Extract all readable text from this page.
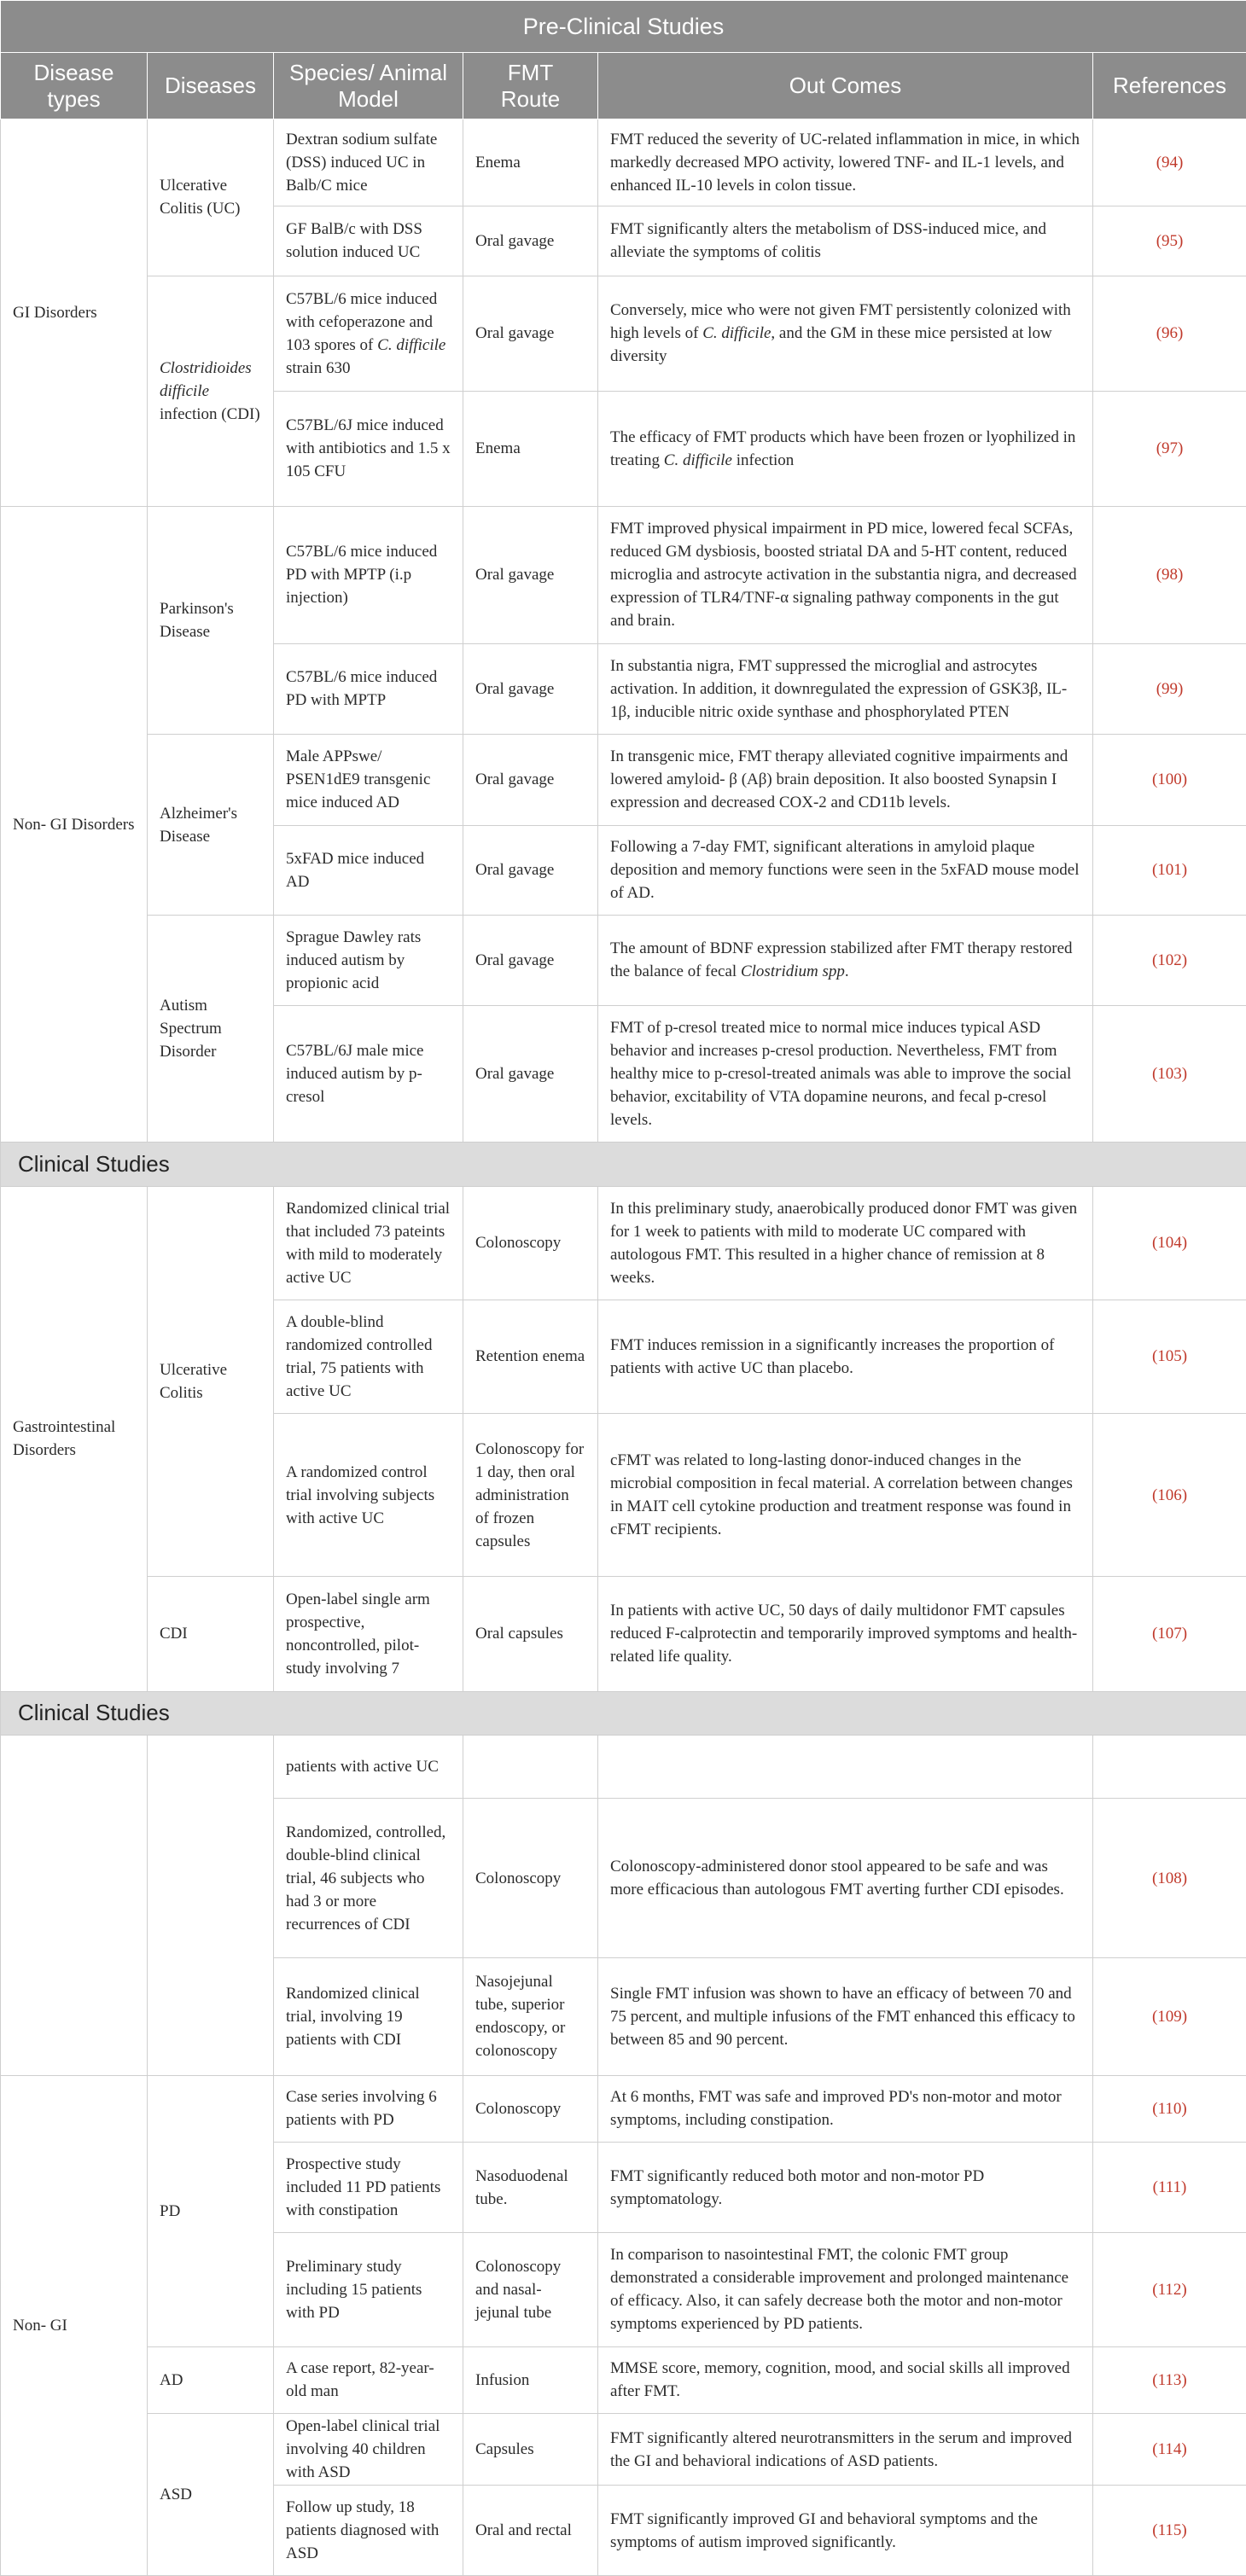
Pre-Clinical Studies					
Disease types	Diseases	Species/ Animal Model	FMT Route	Out Comes	References
GI Disorders	Ulcerative Colitis (UC)	Dextran sodium sulfate (DSS) induced UC in Balb/C mice	Enema	FMT reduced the severity of UC-related inflammation in mice, in which markedly decreased MPO activity, lowered TNF- and IL-1 levels, and enhanced IL-10 levels in colon tissue.	(94)
		GF BalB/c with DSS solution induced UC	Oral gavage	FMT significantly alters the metabolism of DSS-induced mice, and alleviate the symptoms of colitis	(95)
	Clostridioides difficile infection (CDI)	C57BL/6 mice induced with cefoperazone and 103 spores of C. difficile strain 630	Oral gavage	Conversely, mice who were not given FMT persistently colonized with high levels of C. difficile, and the GM in these mice persisted at low diversity	(96)
		C57BL/6J mice induced with antibiotics and 1.5 x 105 CFU	Enema	The efficacy of FMT products which have been frozen or lyophilized in treating C. difficile infection	(97)
Non- GI Disorders	Parkinson's Disease	C57BL/6 mice induced PD with MPTP (i.p injection)	Oral gavage	FMT improved physical impairment in PD mice, lowered fecal SCFAs, reduced GM dysbiosis, boosted striatal DA and 5-HT content, reduced microglia and astrocyte activation in the substantia nigra, and decreased expression of TLR4/TNF-α signaling pathway components in the gut and brain.	(98)
		C57BL/6 mice induced PD with MPTP	Oral gavage	In substantia nigra, FMT suppressed the microglial and astrocytes activation. In addition, it downregulated the expression of GSK3β, IL-1β, inducible nitric oxide synthase and phosphorylated PTEN	(99)
	Alzheimer's Disease	Male APPswe/ PSEN1dE9 transgenic mice induced AD	Oral gavage	In transgenic mice, FMT therapy alleviated cognitive impairments and lowered amyloid- β (Aβ) brain deposition. It also boosted Synapsin I expression and decreased COX-2 and CD11b levels.	(100)
		5xFAD mice induced AD	Oral gavage	Following a 7-day FMT, significant alterations in amyloid plaque deposition and memory functions were seen in the 5xFAD mouse model of AD.	(101)
	Autism Spectrum Disorder	Sprague Dawley rats induced autism by propionic acid	Oral gavage	The amount of BDNF expression stabilized after FMT therapy restored the balance of fecal Clostridium spp.	(102)
		C57BL/6J male mice induced autism by p-cresol	Oral gavage	FMT of p-cresol treated mice to normal mice induces typical ASD behavior and increases p-cresol production. Nevertheless, FMT from healthy mice to p-cresol-treated animals was able to improve the social behavior, excitability of VTA dopamine neurons, and fecal p-cresol levels.	(103)
Clinical Studies					
Gastrointestinal Disorders	Ulcerative Colitis	Randomized clinical trial that included 73 pateints with mild to moderately active UC	Colonoscopy	In this preliminary study, anaerobically produced donor FMT was given for 1 week to patients with mild to moderate UC compared with autologous FMT. This resulted in a higher chance of remission at 8 weeks.	(104)
		A double-blind randomized controlled trial, 75 patients with active UC	Retention enema	FMT induces remission in a significantly increases the proportion of patients with active UC than placebo.	(105)
		A randomized control trial involving subjects with active UC	Colonoscopy for 1 day, then oral administration of frozen capsules	cFMT was related to long-lasting donor-induced changes in the microbial composition in fecal material. A correlation between changes in MAIT cell cytokine production and treatment response was found in cFMT recipients.	(106)
	CDI	Open-label single arm prospective, noncontrolled, pilot-study involving 7	Oral capsules	In patients with active UC, 50 days of daily multidonor FMT capsules reduced F-calprotectin and temporarily improved symptoms and health-related life quality.	(107)
Clinical Studies					
		patients with active UC			
		Randomized, controlled, double-blind clinical trial, 46 subjects who had 3 or more recurrences of CDI	Colonoscopy	Colonoscopy-administered donor stool appeared to be safe and was more efficacious than autologous FMT averting further CDI episodes.	(108)
		Randomized clinical trial, involving 19 patients with CDI	Nasojejunal tube, superior endoscopy, or colonoscopy	Single FMT infusion was shown to have an efficacy of between 70 and 75 percent, and multiple infusions of the FMT enhanced this efficacy to between 85 and 90 percent.	(109)
Non- GI	PD	Case series involving 6 patients with PD	Colonoscopy	At 6 months, FMT was safe and improved PD's non-motor and motor symptoms, including constipation.	(110)
		Prospective study included 11 PD patients with constipation	Nasoduodenal tube.	FMT significantly reduced both motor and non-motor PD symptomatology.	(111)
		Preliminary study including 15 patients with PD	Colonoscopy and nasal-jejunal tube	In comparison to nasointestinal FMT, the colonic FMT group demonstrated a considerable improvement and prolonged maintenance of efficacy. Also, it can safely decrease both the motor and non-motor symptoms experienced by PD patients.	(112)
	AD	A case report, 82-year-old man	Infusion	MMSE score, memory, cognition, mood, and social skills all improved after FMT.	(113)
	ASD	Open-label clinical trial involving 40 children with ASD	Capsules	FMT significantly altered neurotransmitters in the serum and improved the GI and behavioral indications of ASD patients.	(114)
		Follow up study, 18 patients diagnosed with ASD	Oral and rectal	FMT significantly improved GI and behavioral symptoms and the symptoms of autism improved significantly.	(115)
